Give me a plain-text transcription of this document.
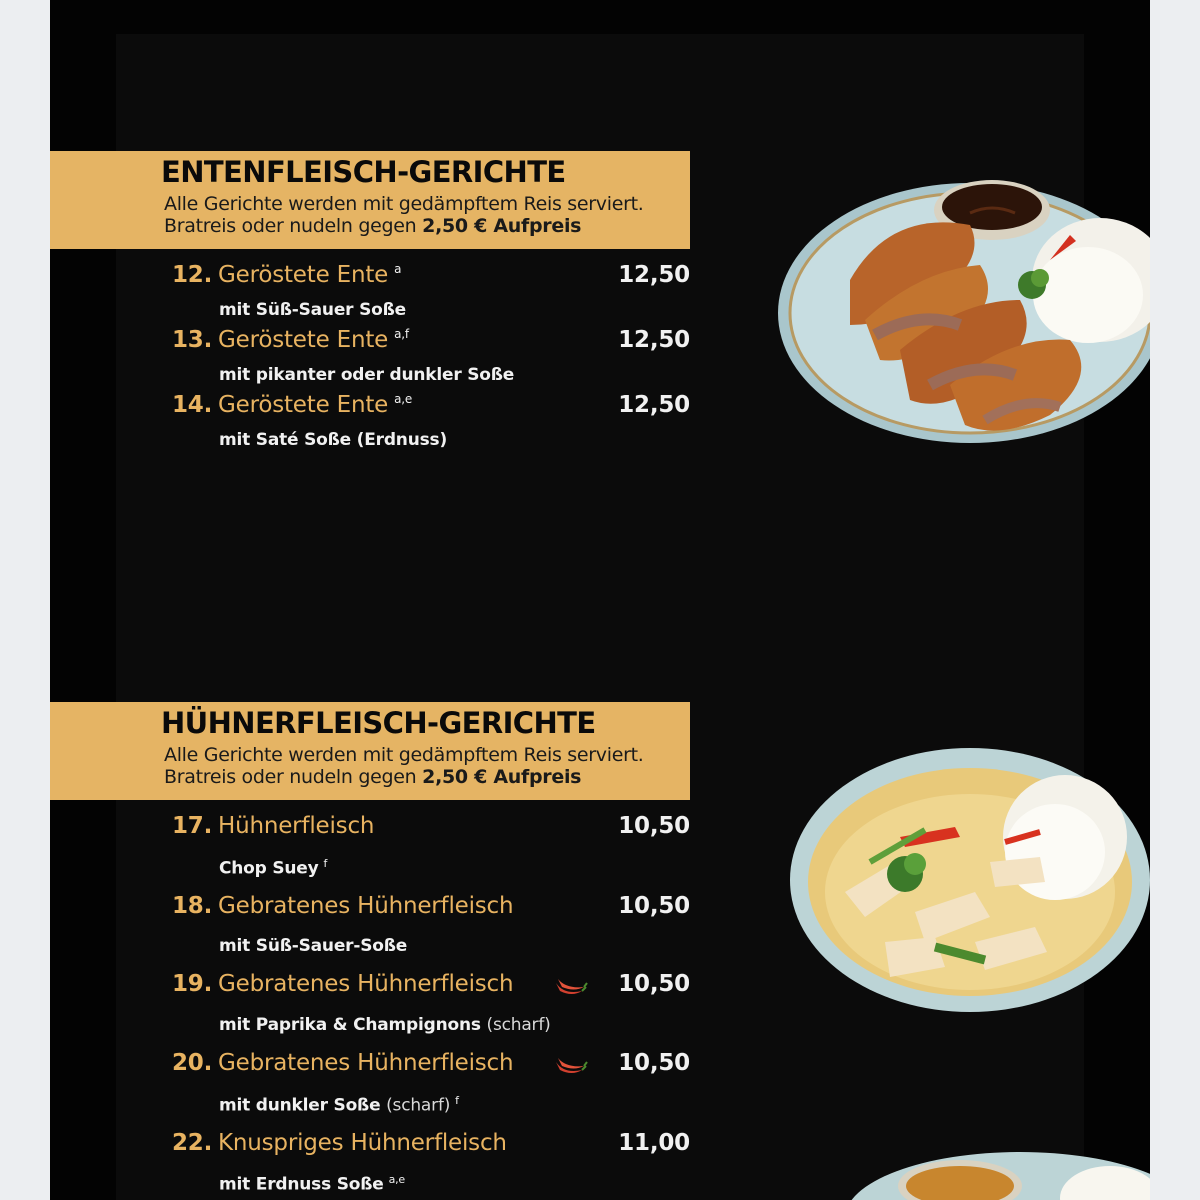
ENTENFLEISCH-GERICHTE
Alle Gerichte werden mit gedämpftem Reis serviert.
Bratreis oder nudeln gegen 2,50 € Aufpreis
12. Geröstete Ente $^a$	12,50
mit Süß-Sauer Soße
13. Geröstete Ente $^{a,f}$	12,50
mit pikanter oder dunkler Soße
14. Geröstete Ente $^{a,e}$	12,50
mit Saté Soße (Erdnuss)
HÜHNERFLEISCH-GERICHTE
Alle Gerichte werden mit gedämpftem Reis serviert.
Bratreis oder nudeln gegen 2,50 € Aufpreis
17. Hühnerfleisch	10,50
Chop Suey $^f$
18. Gebratenes Hühnerfleisch	10,50
mit Süß-Sauer-Soße
19. Gebratenes Hühnerfleisch	10,50
mit Paprika & Champignons (scharf)
20. Gebratenes Hühnerfleisch	10,50
mit dunkler Soße (scharf) $^f$
22. Knuspriges Hühnerfleisch	11,00
mit Erdnuss Soße $^{a,e}$
